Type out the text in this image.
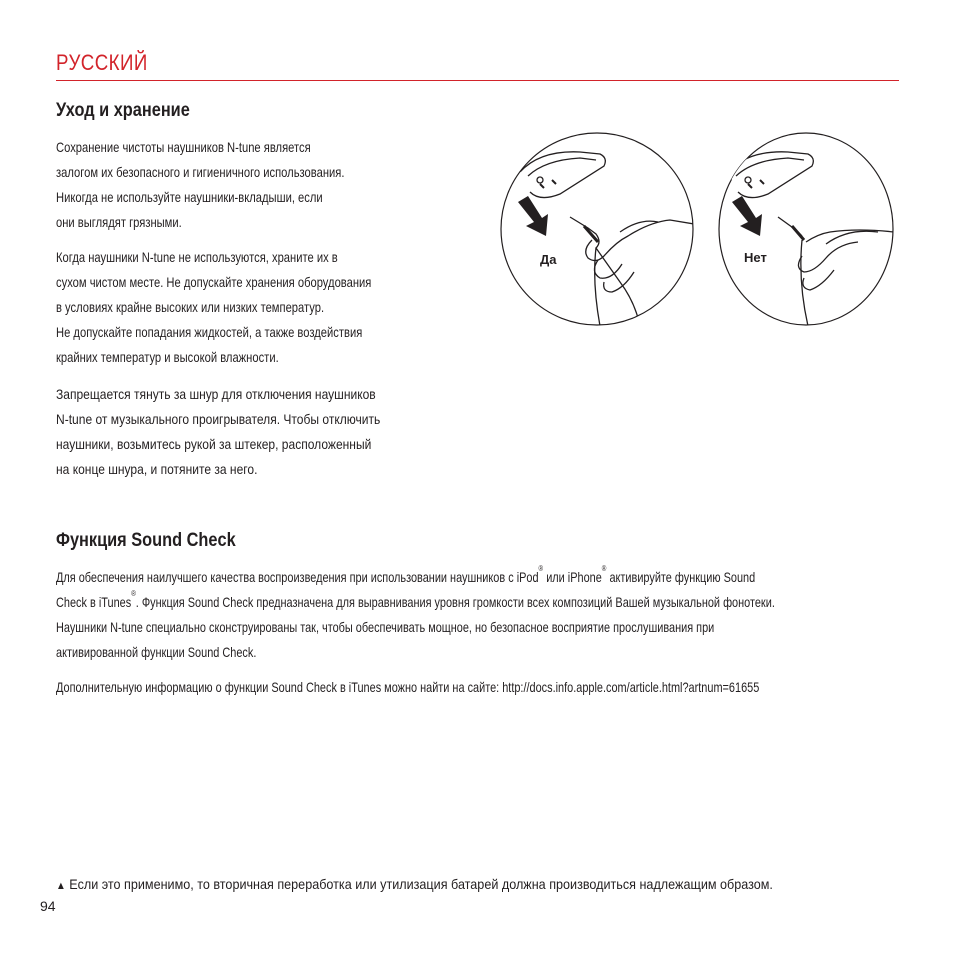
РУССКИЙ
Уход и хранение
Сохранение чистоты наушников N-tune является
залогом их безопасного и гигиеничного использования.
Никогда не используйте наушники-вкладыши, если
они выглядят грязными.
Когда наушники N-tune не используются, храните их в
сухом чистом месте. Не допускайте хранения оборудования
в условиях крайне высоких или низких температур.
Не допускайте попадания жидкостей, а также воздействия
крайних температур и высокой влажности.
Запрещается тянуть за шнур для отключения наушников
N-tune от музыкального проигрывателя. Чтобы отключить
наушники, возьмитесь рукой за штекер, расположенный
на конце шнура, и потяните за него.
Да	Нет
Функция Sound Check
Для обеспечения наилучшего качества воспроизведения при использовании наушников с iPod® или iPhone® активируйте функцию Sound
Check в iTunes®. Функция Sound Check предназначена для выравнивания уровня громкости всех композиций Вашей музыкальной фонотеки.
Наушники N-tune специально сконструированы так, чтобы обеспечивать мощное, но безопасное восприятие прослушивания при
активированной функции Sound Check.
Дополнительную информацию о функции Sound Check в iTunes можно найти на сайте: http://docs.info.apple.com/article.html?artnum=61655
▲ Если это применимо, то вторичная переработка или утилизация батарей должна производиться надлежащим образом.
94
